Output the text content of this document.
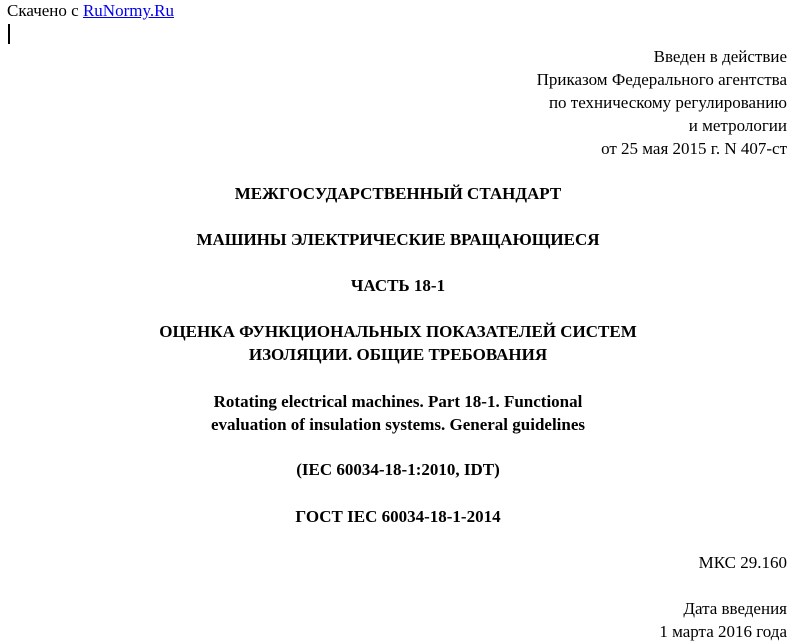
Скачено с RuNormy.Ru
Введен в действие
Приказом Федерального агентства
по техническому регулированию
и метрологии
от 25 мая 2015 г. N 407-ст
МЕЖГОСУДАРСТВЕННЫЙ СТАНДАРТ
МАШИНЫ ЭЛЕКТРИЧЕСКИЕ ВРАЩАЮЩИЕСЯ
ЧАСТЬ 18-1
ОЦЕНКА ФУНКЦИОНАЛЬНЫХ ПОКАЗАТЕЛЕЙ СИСТЕМ
ИЗОЛЯЦИИ. ОБЩИЕ ТРЕБОВАНИЯ
Rotating electrical machines. Part 18-1. Functional
evaluation of insulation systems. General guidelines
(IEC 60034-18-1:2010, IDT)
ГОСТ IEC 60034-18-1-2014
МКС 29.160
Дата введения
1 марта 2016 года
